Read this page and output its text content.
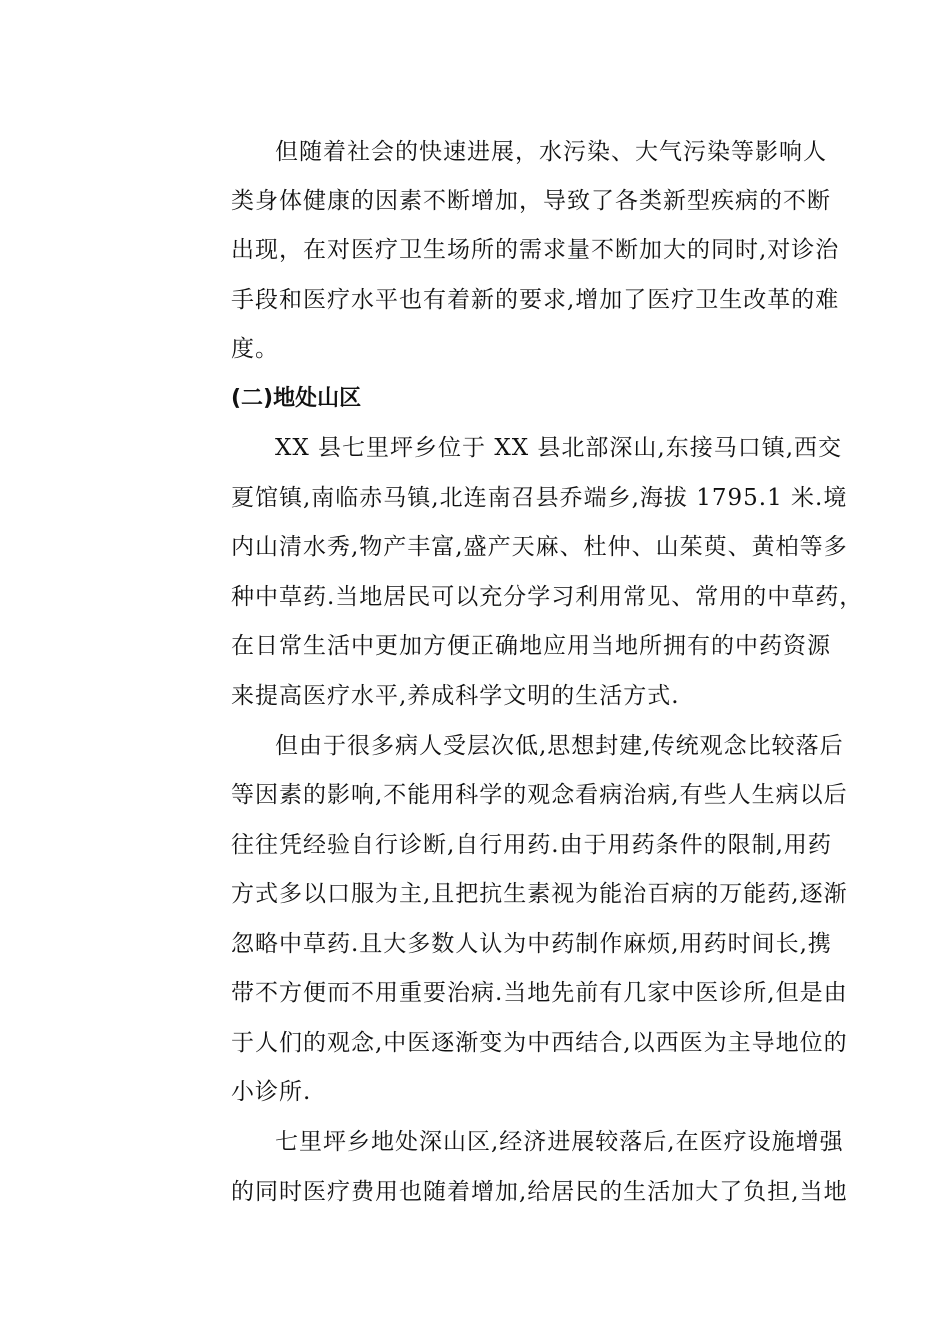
但随着社会的快速进展，水污染、大气污染等影响人
类身体健康的因素不断增加，导致了各类新型疾病的不断
出现，在对医疗卫生场所的需求量不断加大的同时,对诊治
手段和医疗水平也有着新的要求,增加了医疗卫生改革的难
度。
(二)地处山区
XX 县七里坪乡位于 XX 县北部深山,东接马口镇,西交
夏馆镇,南临赤马镇,北连南召县乔端乡,海拔 1795.1 米.境
内山清水秀,物产丰富,盛产天麻、杜仲、山茱萸、黄柏等多
种中草药.当地居民可以充分学习利用常见、常用的中草药，
在日常生活中更加方便正确地应用当地所拥有的中药资源
来提高医疗水平,养成科学文明的生活方式.
但由于很多病人受层次低,思想封建,传统观念比较落后
等因素的影响,不能用科学的观念看病治病,有些人生病以后
往往凭经验自行诊断,自行用药.由于用药条件的限制,用药
方式多以口服为主,且把抗生素视为能治百病的万能药,逐渐
忽略中草药.且大多数人认为中药制作麻烦,用药时间长,携
带不方便而不用重要治病.当地先前有几家中医诊所,但是由
于人们的观念,中医逐渐变为中西结合,以西医为主导地位的
小诊所.
七里坪乡地处深山区,经济进展较落后,在医疗设施增强
的同时医疗费用也随着增加,给居民的生活加大了负担,当地
